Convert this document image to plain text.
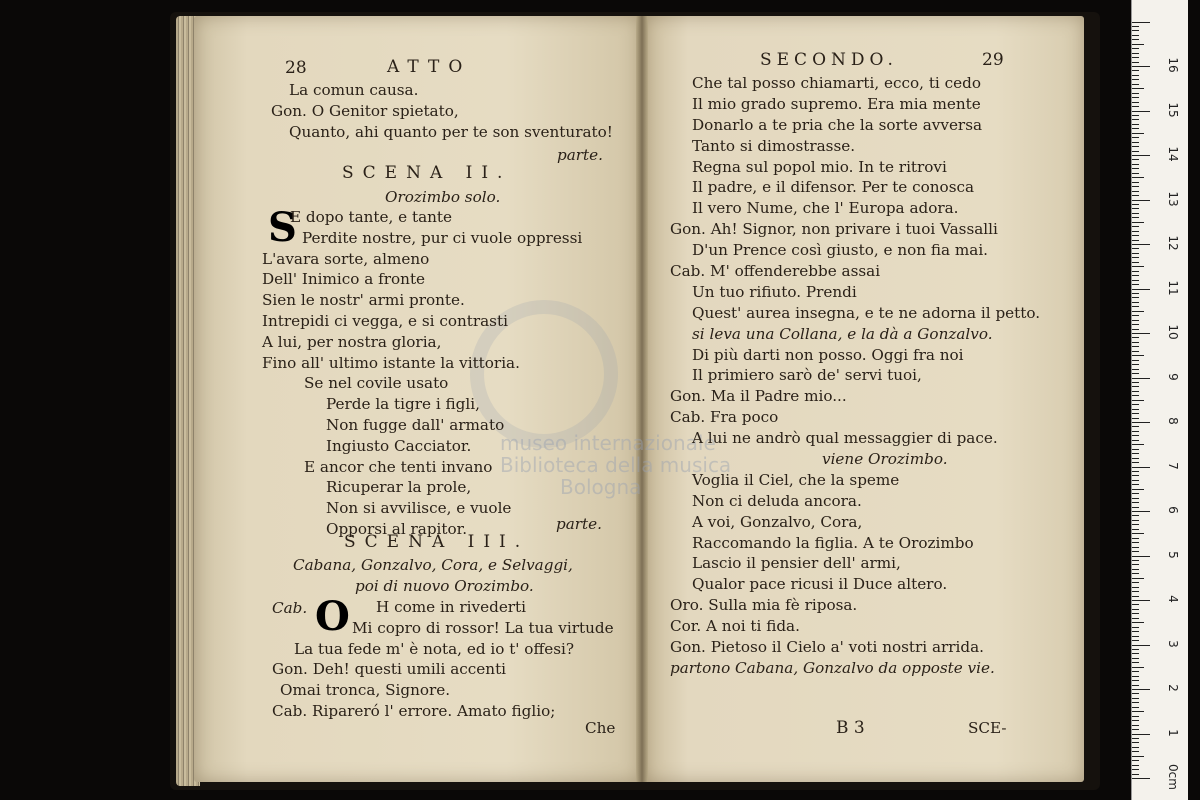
museo internazionale
Biblioteca della musica
Bologna
28	ATTO
La comun causa.
Gon. O Genitor spietato,
Quanto, ahi quanto per te son sventurato!
parte.
SCENA II.
Orozimbo solo.
S
E dopo tante, e tante
Perdite nostre, pur ci vuole oppressi
L'avara sorte, almeno
Dell' Inimico a fronte
Sien le nostr' armi pronte.
Intrepidi ci vegga, e si contrasti
A lui, per nostra gloria,
Fino all' ultimo istante la vittoria.
Se nel covile usato
Perde la tigre i figli,
Non fugge dall' armato
Ingiusto Cacciator.
E ancor che tenti invano
Ricuperar la prole,
Non si avvilisce, e vuole
Opporsi al rapitor.	parte.
SCENA III.
Cabana, Gonzalvo, Cora, e Selvaggi,
poi di nuovo Orozimbo.
Cab. O H come in rivederti
Mi copro di rossor! La tua virtude
La tua fede m' è nota, ed io t' offesi?
Gon. Deh! questi umili accenti
Omai tronca, Signore.
Cab. Ripareró l' errore. Amato figlio;
Che
SECONDO.	29
Che tal posso chiamarti, ecco, ti cedo
Il mio grado supremo. Era mia mente
Donarlo a te pria che la sorte avversa
Tanto si dimostrasse.
Regna sul popol mio. In te ritrovi
Il padre, e il difensor. Per te conosca
Il vero Nume, che l' Europa adora.
Gon. Ah! Signor, non privare i tuoi Vassalli
D'un Prence così giusto, e non fia mai.
Cab. M' offenderebbe assai
Un tuo rifiuto. Prendi
Quest' aurea insegna, e te ne adorna il petto.
si leva una Collana, e la dà a Gonzalvo.
Di più darti non posso. Oggi fra noi
Il primiero sarò de' servi tuoi,
Gon. Ma il Padre mio...
Cab. Fra poco
A lui ne andrò qual messaggier di pace.
viene Orozimbo.
Voglia il Ciel, che la speme
Non ci deluda ancora.
A voi, Gonzalvo, Cora,
Raccomando la figlia. A te Orozimbo
Lascio il pensier dell' armi,
Qualor pace ricusi il Duce altero.
Oro. Sulla mia fè riposa.
Cor. A noi ti fida.
Gon. Pietoso il Cielo a' voti nostri arrida.
partono Cabana, Gonzalvo da opposte vie.
B 3	SCE-
0cm
1
2
3
4
5
6
7
8
9
10
11
12
13
14
15
16
